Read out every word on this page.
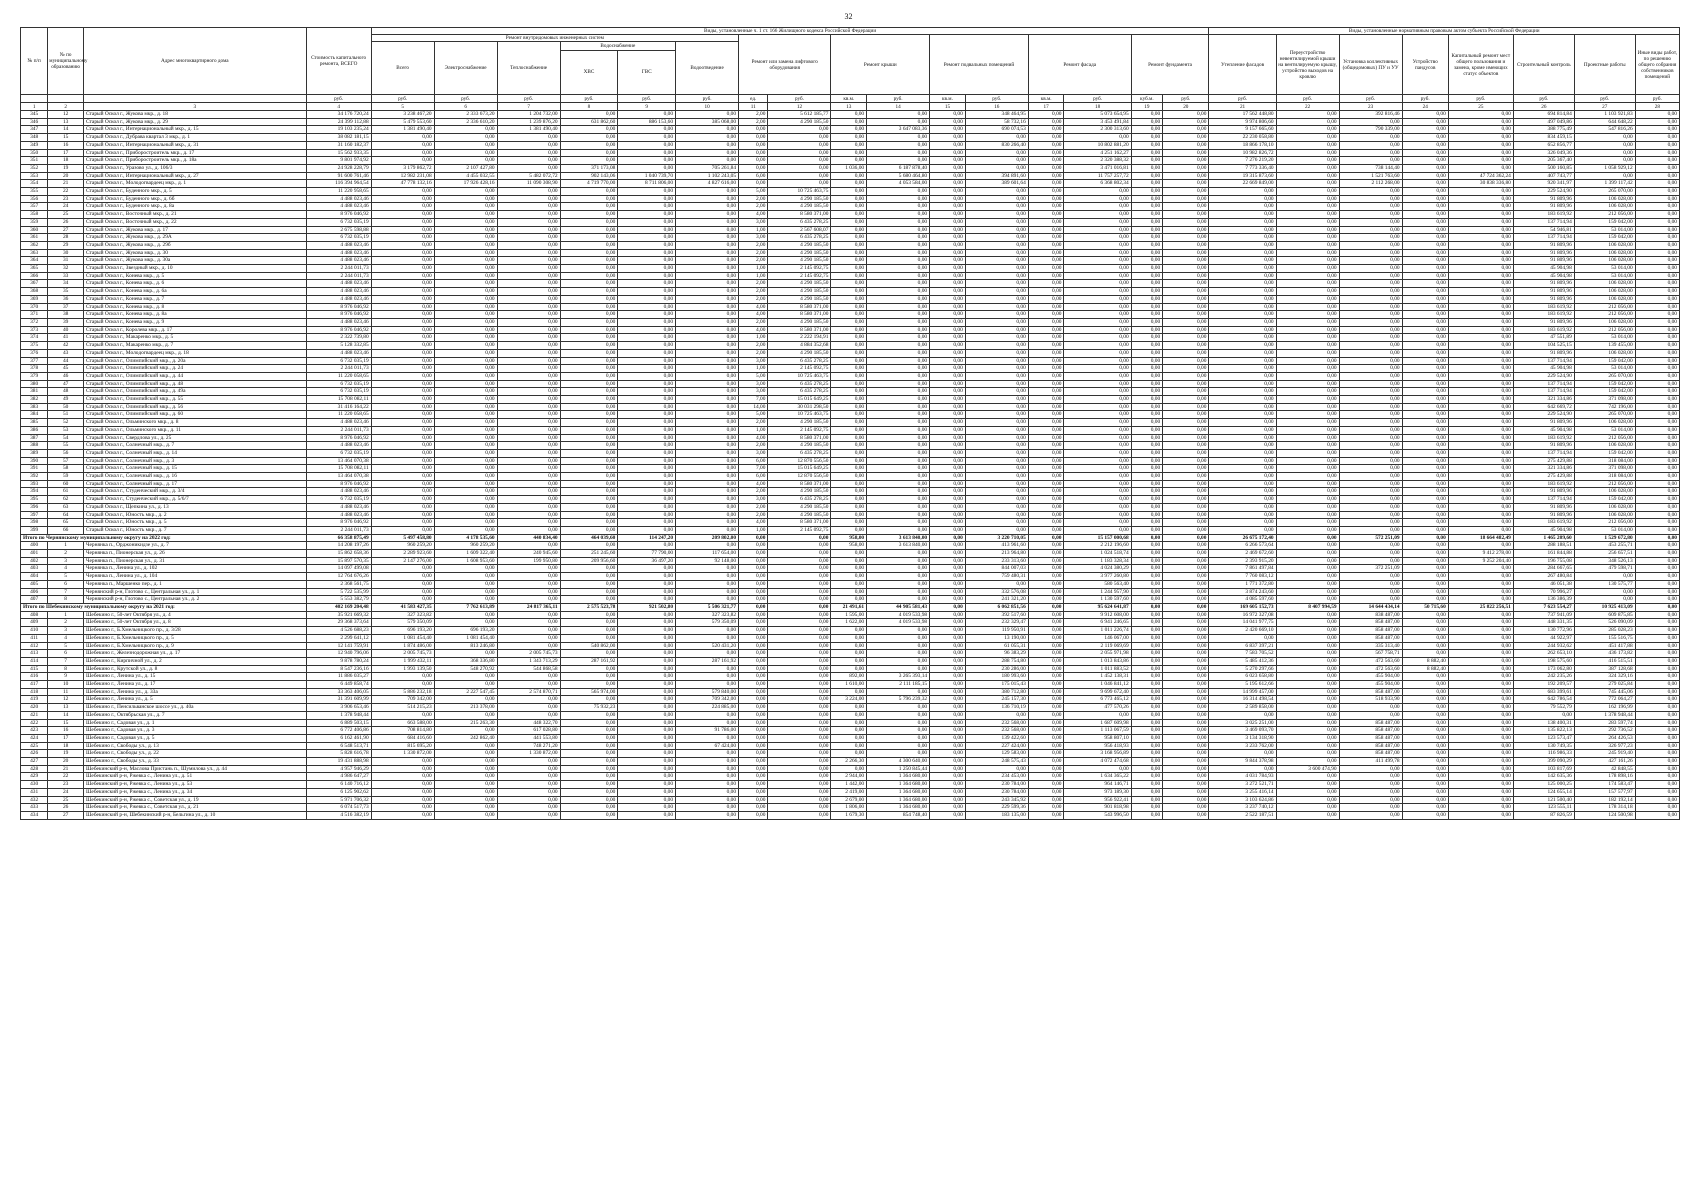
32
№ п/п	№ по муниципальному образованию	Адрес многоквартирного дома	Стоимость капитального ремонта, ВСЕГО	Виды, установленные ч. 1 ст. 166 Жилищного кодекса Российской Федерации																Виды, установленные нормативным правовым актом субъекта Российской Федерации							
				Ремонт внутридомовых инженерных систем						Ремонт или замена лифтового оборудования		Ремонт крыши		Ремонт подвальных помещений		Ремонт фасада		Ремонт фундамента		Утепление фасадов	Переустройство невентилируемой крыши на вентилируемую крышу, устройство выходов на кровлю	Установка коллективных (общедомовых) ПУ и УУ	Устройство пандусов	Капитальный ремонт мест общего пользования и замена, кроме имеющих статус объектов	Строительный контроль	Проектные работы	Иные виды работ, по решению общего собрания собственников помещений
				Всего	Электроснабжение	Теплоснабжение	Водоснабжение
ХВС ГВС		Водоотведение																		
			руб.	руб.	руб.	руб.	руб.	руб.	руб.	ед.	руб.	кв.м.	руб.	кв.м.	руб.	кв.м.	руб.	куб.м.	руб.	руб.	руб.	руб.	руб.	руб.	руб.	руб.	руб.
1	2	3	4	5	6	7	8	9	10	11	12	13	14	15	16	17	18	19	20	21	22	23	24	25	26	27	28
345	12	Старый Оскол г., Жукова мкр., д. 18	34 176 720,24	3 238 467,20	2 333 673,20	1 204 732,00	0,00	0,00	0,00	2,00	5 612 185,77	0,00	0,00	0,00	348 464,95	0,00	5 073 654,95	0,00	0,00	17 562 448,80	0,00	392 816,46	0,00	0,00	694 814,84	1 103 921,83	0,00
346	13	Старый Оскол г., Жукова мкр., д. 29	24 399 112,88	5 479 553,60	2 336 610,20	1 239 876,20	631 862,60	886 153,60	385 068,00	2,00	4 290 185,50	0,00	0,00	0,00	58 732,16	0,00	3 453 491,84	0,00	0,00	9 974 806,60	0,00	0,00	0,00	0,00	497 049,86	644 648,22	0,00
347	14	Старый Оскол г., Интернациональный мкр., д. 15	19 103 235,24	1 381 490,40	0,00	1 381 490,40	0,00	0,00	0,00	0,00	0,00	0,00	3 647 083,36	0,00	690 074,53	0,00	2 300 313,60	0,00	0,00	9 157 665,60	0,00	790 339,00	0,00	0,00	388 775,49	547 816,26	0,00
348	15	Старый Оскол г., Дубрава квартал 3 мкр., д. 1	38 082 181,15	0,00	0,00	0,00	0,00	0,00	0,00	0,00	0,00	0,00	0,00	0,00	0,00	0,00	0,00	0,00	0,00	22 230 058,80	0,00	0,00	0,00	0,00	834 459,15	0,00	0,00
349	16	Старый Оскол г., Интернациональный мкр., д. 31	31 160 182,37	0,00	0,00	0,00	0,00	0,00	0,00	0,00	0,00	0,00	0,00	0,00	830 266,40	0,00	10 802 881,20	0,00	0,00	18 866 178,10	0,00	0,00	0,00	0,00	652 856,77	0,00	0,00
350	17	Старый Оскол г., Приборостроитель мкр., д. 17	15 562 933,35	0,00	0,00	0,00	0,00	0,00	0,00	0,00	0,00	0,00	0,00	0,00	0,00	0,00	4 251 162,27	0,00	0,00	10 982 826,72	0,00	0,00	0,00	0,00	326 049,36	0,00	0,00
351	18	Старый Оскол г., Приборостроитель мкр., д. 18а	9 801 974,92	0,00	0,00	0,00	0,00	0,00	0,00	0,00	0,00	0,00	0,00	0,00	0,00	0,00	2 320 388,32	0,00	0,00	7 276 219,20	0,00	0,00	0,00	0,00	205 367,40	0,00	0,00
352	19	Старый Оскол г., Уразово ул., д. 106/3	24 928 228,79	3 179 862,72	2 107 427,80	0,00	371 173,08	0,00	705 261,84	0,00	0,00	1 036,00	6 187 878,40	0,00	0,00	0,00	3 471 016,81	0,00	0,00	7 773 336,40	0,00	738 144,40	0,00	0,00	500 160,85	1 058 929,12	0,00
353	20	Старый Оскол г., Интернациональный мкр., д. 27	91 600 761,46	12 982 231,08	4 455 032,55	5 482 072,72	902 143,06	1 040 739,70	1 102 243,05	6,00	0,00	0,00	5 680 464,80	0,00	394 891,60	0,00	11 757 257,72	0,00	0,00	19 315 873,60	0,00	1 521 763,60	0,00	47 724 362,24	407 743,77	0,00	0,00
354	21	Старый Оскол г., Молодогвардеец мкр., д. 1	116 394 964,54	47 778 132,16	17 926 428,16	11 090 308,90	4 719 770,00	8 711 806,00	4 827 616,00	0,00	0,00	0,00	4 053 584,00	0,00	389 601,64	0,00	6 368 802,34	0,00	0,00	22 669 849,00	0,00	2 112 268,00	0,00	30 838 336,80	920 341,97	1 399 117,42	0,00
355	22	Старый Оскол г., Буденного мкр., д. 5	11 220 958,65	0,00	0,00	0,00	0,00	0,00	0,00	5,00	10 725 463,75	0,00	0,00	0,00	0,00	0,00	0,00	0,00	0,00	0,00	0,00	0,00	0,00	0,00	229 524,90	265 070,00	0,00
356	23	Старый Оскол г., Буденного мкр., д. 6б	4 488 023,46	0,00	0,00	0,00	0,00	0,00	0,00	2,00	4 290 185,50	0,00	0,00	0,00	0,00	0,00	0,00	0,00	0,00	0,00	0,00	0,00	0,00	0,00	91 809,96	106 028,00	0,00
357	24	Старый Оскол г., Буденного мкр., д. 8а	4 488 023,46	0,00	0,00	0,00	0,00	0,00	0,00	2,00	4 290 185,50	0,00	0,00	0,00	0,00	0,00	0,00	0,00	0,00	0,00	0,00	0,00	0,00	0,00	91 809,96	106 028,00	0,00
358	25	Старый Оскол г., Восточный мкр., д. 21	8 976 046,92	0,00	0,00	0,00	0,00	0,00	0,00	4,00	8 580 371,00	0,00	0,00	0,00	0,00	0,00	0,00	0,00	0,00	0,00	0,00	0,00	0,00	0,00	183 619,92	212 056,00	0,00
359	26	Старый Оскол г., Восточный мкр., д. 22	6 732 035,19	0,00	0,00	0,00	0,00	0,00	0,00	3,00	6 435 278,25	0,00	0,00	0,00	0,00	0,00	0,00	0,00	0,00	0,00	0,00	0,00	0,00	0,00	137 714,94	159 042,00	0,00
360	27	Старый Оскол г., Жукова мкр., д. 17	2 675 598,88	0,00	0,00	0,00	0,00	0,00	0,00	1,00	2 567 608,07	0,00	0,00	0,00	0,00	0,00	0,00	0,00	0,00	0,00	0,00	0,00	0,00	0,00	54 946,81	53 014,00	0,00
361	28	Старый Оскол г., Жукова мкр., д. 29А	6 732 035,19	0,00	0,00	0,00	0,00	0,00	0,00	3,00	6 435 278,25	0,00	0,00	0,00	0,00	0,00	0,00	0,00	0,00	0,00	0,00	0,00	0,00	0,00	137 714,94	159 042,00	0,00
362	29	Старый Оскол г., Жукова мкр., д. 29б	4 488 023,46	0,00	0,00	0,00	0,00	0,00	0,00	2,00	4 290 185,50	0,00	0,00	0,00	0,00	0,00	0,00	0,00	0,00	0,00	0,00	0,00	0,00	0,00	91 809,96	106 028,00	0,00
363	30	Старый Оскол г., Жукова мкр., д. 30	4 488 023,46	0,00	0,00	0,00	0,00	0,00	0,00	2,00	4 290 185,50	0,00	0,00	0,00	0,00	0,00	0,00	0,00	0,00	0,00	0,00	0,00	0,00	0,00	91 809,96	106 028,00	0,00
364	31	Старый Оскол г., Жукова мкр., д. 30а	4 488 023,46	0,00	0,00	0,00	0,00	0,00	0,00	2,00	4 290 185,50	0,00	0,00	0,00	0,00	0,00	0,00	0,00	0,00	0,00	0,00	0,00	0,00	0,00	91 809,96	106 028,00	0,00
365	32	Старый Оскол г., Звездный мкр., д. 10	2 244 011,73	0,00	0,00	0,00	0,00	0,00	0,00	1,00	2 145 092,75	0,00	0,00	0,00	0,00	0,00	0,00	0,00	0,00	0,00	0,00	0,00	0,00	0,00	45 904,98	53 014,00	0,00
366	33	Старый Оскол г., Конева мкр., д. 5	2 244 011,73	0,00	0,00	0,00	0,00	0,00	0,00	1,00	2 145 092,75	0,00	0,00	0,00	0,00	0,00	0,00	0,00	0,00	0,00	0,00	0,00	0,00	0,00	45 904,98	53 014,00	0,00
367	34	Старый Оскол г., Конева мкр., д. 6	4 488 023,46	0,00	0,00	0,00	0,00	0,00	0,00	2,00	4 290 185,50	0,00	0,00	0,00	0,00	0,00	0,00	0,00	0,00	0,00	0,00	0,00	0,00	0,00	91 809,96	106 028,00	0,00
368	35	Старый Оскол г., Конева мкр., д. 6а	4 488 023,46	0,00	0,00	0,00	0,00	0,00	0,00	2,00	4 290 185,50	0,00	0,00	0,00	0,00	0,00	0,00	0,00	0,00	0,00	0,00	0,00	0,00	0,00	91 809,96	106 028,00	0,00
369	36	Старый Оскол г., Конева мкр., д. 7	4 488 023,46	0,00	0,00	0,00	0,00	0,00	0,00	2,00	4 290 185,50	0,00	0,00	0,00	0,00	0,00	0,00	0,00	0,00	0,00	0,00	0,00	0,00	0,00	91 809,96	106 028,00	0,00
370	37	Старый Оскол г., Конева мкр., д. 8	8 976 046,92	0,00	0,00	0,00	0,00	0,00	0,00	4,00	8 580 371,00	0,00	0,00	0,00	0,00	0,00	0,00	0,00	0,00	0,00	0,00	0,00	0,00	0,00	183 619,92	212 056,00	0,00
371	38	Старый Оскол г., Конева мкр., д. 8а	8 976 046,92	0,00	0,00	0,00	0,00	0,00	0,00	4,00	8 580 371,00	0,00	0,00	0,00	0,00	0,00	0,00	0,00	0,00	0,00	0,00	0,00	0,00	0,00	183 619,92	212 056,00	0,00
372	39	Старый Оскол г., Конева мкр., д. 9	4 488 023,46	0,00	0,00	0,00	0,00	0,00	0,00	2,00	4 290 185,50	0,00	0,00	0,00	0,00	0,00	0,00	0,00	0,00	0,00	0,00	0,00	0,00	0,00	91 809,96	106 028,00	0,00
373	40	Старый Оскол г., Королева мкр., д. 17	8 976 046,92	0,00	0,00	0,00	0,00	0,00	0,00	4,00	8 580 371,00	0,00	0,00	0,00	0,00	0,00	0,00	0,00	0,00	0,00	0,00	0,00	0,00	0,00	183 619,92	212 056,00	0,00
374	41	Старый Оскол г., Макаренко мкр., д. 5	2 322 739,80	0,00	0,00	0,00	0,00	0,00	0,00	1,00	2 222 194,91	0,00	0,00	0,00	0,00	0,00	0,00	0,00	0,00	0,00	0,00	0,00	0,00	0,00	47 551,89	53 014,00	0,00
375	42	Старый Оскол г., Макаренко мкр., д. 7	5 128 332,85	0,00	0,00	0,00	0,00	0,00	0,00	2,00	4 884 352,68	0,00	0,00	0,00	0,00	0,00	0,00	0,00	0,00	0,00	0,00	0,00	0,00	0,00	104 525,15	139 455,00	0,00
376	43	Старый Оскол г., Молодогвардеец мкр., д. 18	4 488 023,46	0,00	0,00	0,00	0,00	0,00	0,00	2,00	4 290 185,50	0,00	0,00	0,00	0,00	0,00	0,00	0,00	0,00	0,00	0,00	0,00	0,00	0,00	91 809,96	106 028,00	0,00
377	44	Старый Оскол г., Олимпийский мкр., д. 20а	6 732 035,19	0,00	0,00	0,00	0,00	0,00	0,00	3,00	6 435 278,25	0,00	0,00	0,00	0,00	0,00	0,00	0,00	0,00	0,00	0,00	0,00	0,00	0,00	137 714,94	159 042,00	0,00
378	45	Старый Оскол г., Олимпийский мкр., д. 24	2 244 011,73	0,00	0,00	0,00	0,00	0,00	0,00	1,00	2 145 092,75	0,00	0,00	0,00	0,00	0,00	0,00	0,00	0,00	0,00	0,00	0,00	0,00	0,00	45 904,98	53 014,00	0,00
379	46	Старый Оскол г., Олимпийский мкр., д. 44	11 220 058,65	0,00	0,00	0,00	0,00	0,00	0,00	5,00	10 725 463,75	0,00	0,00	0,00	0,00	0,00	0,00	0,00	0,00	0,00	0,00	0,00	0,00	0,00	229 524,90	265 070,00	0,00
380	47	Старый Оскол г., Олимпийский мкр., д. 48	6 732 035,19	0,00	0,00	0,00	0,00	0,00	0,00	3,00	6 435 278,25	0,00	0,00	0,00	0,00	0,00	0,00	0,00	0,00	0,00	0,00	0,00	0,00	0,00	137 714,94	159 042,00	0,00
381	48	Старый Оскол г., Олимпийский мкр., д. 49а	6 732 035,19	0,00	0,00	0,00	0,00	0,00	0,00	3,00	6 435 278,25	0,00	0,00	0,00	0,00	0,00	0,00	0,00	0,00	0,00	0,00	0,00	0,00	0,00	137 714,94	159 042,00	0,00
382	49	Старый Оскол г., Олимпийский мкр., д. 55	15 708 082,11	0,00	0,00	0,00	0,00	0,00	0,00	7,00	15 015 649,25	0,00	0,00	0,00	0,00	0,00	0,00	0,00	0,00	0,00	0,00	0,00	0,00	0,00	321 334,86	371 098,00	0,00
383	50	Старый Оскол г., Олимпийский мкр., д. 56	31 416 164,22	0,00	0,00	0,00	0,00	0,00	0,00	14,00	30 031 298,50	0,00	0,00	0,00	0,00	0,00	0,00	0,00	0,00	0,00	0,00	0,00	0,00	0,00	642 669,72	742 196,00	0,00
384	51	Старый Оскол г., Олимпийский мкр., д. 60	11 220 058,65	0,00	0,00	0,00	0,00	0,00	0,00	5,00	10 725 463,75	0,00	0,00	0,00	0,00	0,00	0,00	0,00	0,00	0,00	0,00	0,00	0,00	0,00	229 524,90	265 070,00	0,00
385	52	Старый Оскол г., Ольминского мкр., д. 8	4 488 023,46	0,00	0,00	0,00	0,00	0,00	0,00	2,00	4 290 185,50	0,00	0,00	0,00	0,00	0,00	0,00	0,00	0,00	0,00	0,00	0,00	0,00	0,00	91 809,96	106 028,00	0,00
386	53	Старый Оскол г., Ольминского мкр., д. 11	2 244 011,73	0,00	0,00	0,00	0,00	0,00	0,00	1,00	2 145 092,75	0,00	0,00	0,00	0,00	0,00	0,00	0,00	0,00	0,00	0,00	0,00	0,00	0,00	45 904,98	53 014,00	0,00
387	54	Старый Оскол г., Свердлова ул., д. 25	8 976 046,92	0,00	0,00	0,00	0,00	0,00	0,00	4,00	8 580 371,00	0,00	0,00	0,00	0,00	0,00	0,00	0,00	0,00	0,00	0,00	0,00	0,00	0,00	183 619,92	212 056,00	0,00
388	55	Старый Оскол г., Солнечный мкр., д. 7	4 488 023,46	0,00	0,00	0,00	0,00	0,00	0,00	2,00	4 290 185,50	0,00	0,00	0,00	0,00	0,00	0,00	0,00	0,00	0,00	0,00	0,00	0,00	0,00	91 809,96	106 028,00	0,00
389	56	Старый Оскол г., Солнечный мкр., д. 14	6 732 035,19	0,00	0,00	0,00	0,00	0,00	0,00	3,00	6 435 278,25	0,00	0,00	0,00	0,00	0,00	0,00	0,00	0,00	0,00	0,00	0,00	0,00	0,00	137 714,94	159 042,00	0,00
390	57	Старый Оскол г., Солнечный мкр., д. 3	13 464 070,38	0,00	0,00	0,00	0,00	0,00	0,00	6,00	12 870 556,50	0,00	0,00	0,00	0,00	0,00	0,00	0,00	0,00	0,00	0,00	0,00	0,00	0,00	275 429,88	318 084,00	0,00
391	58	Старый Оскол г., Солнечный мкр., д. 15	15 708 082,11	0,00	0,00	0,00	0,00	0,00	0,00	7,00	15 015 649,25	0,00	0,00	0,00	0,00	0,00	0,00	0,00	0,00	0,00	0,00	0,00	0,00	0,00	321 334,86	371 098,00	0,00
392	59	Старый Оскол г., Солнечный мкр., д. 16	13 464 070,38	0,00	0,00	0,00	0,00	0,00	0,00	6,00	12 870 556,50	0,00	0,00	0,00	0,00	0,00	0,00	0,00	0,00	0,00	0,00	0,00	0,00	0,00	275 429,88	318 084,00	0,00
393	60	Старый Оскол г., Солнечный мкр., д. 17	8 976 046,92	0,00	0,00	0,00	0,00	0,00	0,00	4,00	8 580 371,00	0,00	0,00	0,00	0,00	0,00	0,00	0,00	0,00	0,00	0,00	0,00	0,00	0,00	183 619,92	212 056,00	0,00
394	61	Старый Оскол г., Студенческий мкр., д. 3/4	4 488 023,46	0,00	0,00	0,00	0,00	0,00	0,00	2,00	4 290 185,50	0,00	0,00	0,00	0,00	0,00	0,00	0,00	0,00	0,00	0,00	0,00	0,00	0,00	91 809,96	106 028,00	0,00
395	62	Старый Оскол г., Студенческий мкр., д. 5/6/7	6 732 035,19	0,00	0,00	0,00	0,00	0,00	0,00	3,00	6 435 278,25	0,00	0,00	0,00	0,00	0,00	0,00	0,00	0,00	0,00	0,00	0,00	0,00	0,00	137 714,94	159 042,00	0,00
396	63	Старый Оскол г., Щепкина ул., д. 13	4 488 023,46	0,00	0,00	0,00	0,00	0,00	0,00	2,00	4 290 185,50	0,00	0,00	0,00	0,00	0,00	0,00	0,00	0,00	0,00	0,00	0,00	0,00	0,00	91 809,96	106 028,00	0,00
397	64	Старый Оскол г., Юность мкр., д. 2	4 488 023,46	0,00	0,00	0,00	0,00	0,00	0,00	2,00	4 290 185,50	0,00	0,00	0,00	0,00	0,00	0,00	0,00	0,00	0,00	0,00	0,00	0,00	0,00	91 809,96	106 028,00	0,00
398	65	Старый Оскол г., Юность мкр., д. 5	8 976 046,92	0,00	0,00	0,00	0,00	0,00	0,00	4,00	8 580 371,00	0,00	0,00	0,00	0,00	0,00	0,00	0,00	0,00	0,00	0,00	0,00	0,00	0,00	183 619,92	212 056,00	0,00
399	66	Старый Оскол г., Юность мкр., д. 7	2 244 011,73	0,00	0,00	0,00	0,00	0,00	0,00	1,00	2 145 092,75	0,00	0,00	0,00	0,00	0,00	0,00	0,00	0,00	0,00	0,00	0,00	0,00	0,00	45 904,98	53 014,00	0,00
Итого по Чернянскому муниципальному округу на 2022 год:			66 358 875,49	5 497 458,80	4 178 535,60	440 834,40	464 039,60	114 247,20	209 802,00	0,00	0,00	958,00	3 613 840,00	0,00	3 220 710,05	0,00	15 157 000,68	0,00	0,00	26 675 172,40	0,00	572 251,09	0,00	18 664 482,49	1 465 209,60	1 529 672,80	0,00
400	1	Чернянка п., Орджоникидзе ул., д. 7	14 208 197,26	960 259,20	960 259,20	0,00	0,00	0,00	0,00	0,00	0,00	958,00	3 613 840,00	0,00	413 961,60	0,00	2 212 196,60	0,00	0,00	6 266 573,64	0,00	0,00	0,00	0,00	288 188,51	453 255,71	0,00
401	2	Чернянка п., Пионерская ул., д. 26	15 862 658,36	2 289 923,60	1 609 322,40	240 945,60	251 245,60	77 790,00	117 654,00	0,00	0,00	0,00	0,00	0,00	213 964,80	0,00	1 024 518,74	0,00	0,00	2 469 672,60	0,00	0,00	0,00	9 412 278,00	161 844,88	256 657,51	0,00
402	3	Чернянка п., Пионерская ул., д. 31	15 897 570,35	2 147 276,00	1 608 953,60	199 950,80	209 956,60	36 497,20	92 148,00	0,00	0,00	0,00	0,00	0,00	233 313,60	0,00	1 183 328,34	0,00	0,00	2 393 915,20	0,00	0,00	0,00	9 252 204,40	196 755,08	348 526,13	0,00
403	4	Чернянка п., Ленина ул., д. 102	14 097 499,08	0,00	0,00	0,00	0,00	0,00	0,00	0,00	0,00	0,00	0,00	0,00	844 007,03	0,00	4 024 380,29	0,00	0,00	7 861 497,84	0,00	372 251,09	0,00	0,00	284 667,65	479 598,71	0,00
404	5	Чернянка п., Ленина ул., д. 104	12 764 676,26	0,00	0,00	0,00	0,00	0,00	0,00	0,00	0,00	0,00	0,00	0,00	759 480,31	0,00	3 977 260,80	0,00	0,00	7 760 083,12	0,00	0,00	0,00	0,00	267 480,84	0,00	0,00
405	6	Чернянка п., Маршенко пер., д. 1	2 368 561,75	0,00	0,00	0,00	0,00	0,00	0,00	0,00	0,00	0,00	0,00	0,00	0,00	0,00	580 563,40	0,00	0,00	1 771 372,80	0,00	0,00	0,00	0,00	46 051,38	130 575,77	0,00
406	7	Чернянский р-н, Глотово с., Центральная ул., д. 1	5 722 535,99	0,00	0,00	0,00	0,00	0,00	0,00	0,00	0,00	0,00	0,00	0,00	332 576,08	0,00	1 244 957,90	0,00	0,00	3 874 243,60	0,00	0,00	0,00	0,00	70 996,27	0,00	0,00
407	8	Чернянский р-н, Глотово с., Центральная ул., д. 2	5 553 382,79	0,00	0,00	0,00	0,00	0,00	0,00	0,00	0,00	0,00	0,00	0,00	241 321,20	0,00	1 130 597,60	0,00	0,00	4 085 597,60	0,00	0,00	0,00	0,00	136 386,39	0,00	0,00
Итого по Шебекинскому муниципальному округу на 2021 год:			402 169 204,48	41 583 427,35	7 762 613,89	24 817 365,11	2 575 523,78	921 502,80	5 506 321,77	0,00	0,00	21 491,61	44 905 581,43	0,00	6 062 851,56	0,00	95 624 641,87	0,00	0,00	169 605 152,73	8 407 994,59	14 644 434,14	50 715,60	25 822 256,51	7 623 554,27	10 925 413,09	0,00
408	1	Шебекино г., 50-лет Октября ул., д. 4	35 921 669,32	327 323,82	0,00	0,00	0,00	0,00	327 323,82	0,00	0,00	1 595,00	4 019 533,98	0,00	392 517,60	0,00	9 912 608,00	0,00	0,00	16 972 327,08	0,00	838 487,00	0,00	0,00	737 941,09	609 875,85	0,00
409	2	Шебекино г., 50-лет Октября ул., д. 8	29 368 373,64	579 350,09	0,00	0,00	0,00	0,00	579 350,09	0,00	0,00	1 622,00	4 019 533,98	0,00	232 329,47	0,00	6 941 246,65	0,00	0,00	14 041 977,75	0,00	858 487,00	0,00	0,00	448 331,35	526 090,09	0,00
410	3	Шебекино г., Б.Хмельницкого пр., д. 3/28	4 526 688,23	696 193,20	696 193,20	0,00	0,00	0,00	0,00	0,00	0,00	0,00	0,00	0,00	119 950,91	0,00	1 011 226,74	0,00	0,00	2 420 669,10	0,00	858 487,00	0,00	0,00	130 772,96	285 028,23	0,00
411	4	Шебекино г., Б.Хмельницкого пр., д. 5	2 299 641,12	1 081 454,40	1 081 454,40	0,00	0,00	0,00	0,00	0,00	0,00	0,00	0,00	0,00	13 190,00	0,00	146 067,00	0,00	0,00	0,00	0,00	858 487,00	0,00	0,00	44 922,97	155 516,75	0,00
412	5	Шебекино г., Б.Хмельницкого пр., д. 9	12 141 759,91	1 874 486,00	813 246,80	0,00	540 862,00	0,00	520 431,20	0,00	0,00	0,00	0,00	0,00	61 055,31	0,00	2 119 069,69	0,00	0,00	6 837 397,21	0,00	335 313,40	0,00	0,00	244 932,62	451 417,88	0,00
413	6	Шебекино г., Железнодорожная ул., д. 17	12 940 796,06	2 005 745,73	0,00	2 005 745,73	0,00	0,00	0,00	0,00	0,00	0,00	0,00	0,00	96 383,29	0,00	2 055 971,98	0,00	0,00	7 583 705,52	0,00	567 758,71	0,00	0,00	262 653,10	436 173,82	0,00
414	7	Шебекино г., Кирпичной ул., д. 2	9 878 780,24	1 999 432,11	368 336,80	1 343 713,29	287 161,92	0,00	287 161,92	0,00	0,00	0,00	0,00	0,00	288 754,80	0,00	1 013 843,86	0,00	0,00	5 485 412,36	0,00	472 563,60	8 882,40	0,00	198 575,60	416 515,51	0,00
415	8	Шебекино г., Крутской ул., д. 8	8 547 236,16	1 993 139,50	548 270,92	544 868,58	0,00	0,00	0,00	0,00	0,00	0,00	0,00	0,00	230 286,00	0,00	1 011 883,52	0,00	0,00	5 270 297,66	0,00	472 563,60	8 882,40	0,00	173 062,80	387 128,68	0,00
416	9	Шебекино г., Ленина ул., д. 15	11 886 035,27	0,00	0,00	0,00	0,00	0,00	0,00	0,00	0,00	892,00	3 265 393,14	0,00	180 993,60	0,00	1 452 138,31	0,00	0,00	6 023 658,80	0,00	455 904,00	0,00	0,00	242 235,26	324 329,16	0,00
417	10	Шебекино г., Ленина ул., д. 17	6 449 858,74	0,00	0,00	0,00	0,00	0,00	0,00	0,00	0,00	1 610,00	2 111 185,15	0,00	175 015,43	0,00	1 046 841,12	0,00	0,00	5 195 612,66	0,00	455 904,00	0,00	0,00	192 209,57	279 025,84	0,00
418	11	Шебекино г., Ленина ул., д. 33а	33 363 406,05	5 886 232,18	2 227 547,45	2 574 870,71	565 974,00	0,00	579 840,00	0,00	0,00	0,00	0,00	0,00	380 712,80	0,00	9 699 672,40	0,00	0,00	14 999 457,00	0,00	858 487,00	0,00	0,00	683 399,61	745 445,06	0,00
419	12	Шебекино г., Ленина ул., д. 5	31 391 609,99	709 342,00	0,00	0,00	0,00	0,00	709 342,00	0,00	0,00	3 224,00	5 796 239,32	0,00	245 157,30	0,00	6 773 465,12	0,00	0,00	16 314 498,54	0,00	518 933,90	0,00	0,00	642 786,54	772 064,27	0,00
420	13	Шебекино г., Пенсильванское шоссе ул., д. 40а	3 906 653,46	514 215,23	213 378,00	0,00	75 932,23	0,00	224 885,00	0,00	0,00	0,00	0,00	0,00	136 710,19	0,00	477 570,26	0,00	0,00	2 589 858,00	0,00	0,00	0,00	0,00	79 552,79	162 196,99	0,00
421	14	Шебекино г., Октябрьская ул., д. 7	1 378 948,44	0,00	0,00	0,00	0,00	0,00	0,00	0,00	0,00	0,00	0,00	0,00	0,00	0,00	0,00	0,00	0,00	0,00	0,00	0,00	0,00	0,00	0,00	1 378 948,44	0,00
422	15	Шебекино г., Садовая ул., д. 1	6 889 503,15	663 588,00	215 263,30	448 322,70	0,00	0,00	0,00	0,00	0,00	0,00	0,00	0,00	232 568,00	0,00	1 687 609,98	0,00	0,00	3 025 251,00	0,00	858 487,00	0,00	0,00	138 400,31	283 597,74	0,00
423	16	Шебекино г., Садовая ул., д. 3	6 772 406,86	708 814,80	0,00	617 028,80	0,00	0,00	91 786,00	0,00	0,00	0,00	0,00	0,00	232 568,00	0,00	1 113 067,59	0,00	0,00	3 469 093,70	0,00	858 487,00	0,00	0,00	135 822,13	292 736,52	0,00
424	17	Шебекино г., Садовая ул., д. 5	6 162 461,90	684 416,60	242 862,40	441 553,80	0,00	0,00	0,00	0,00	0,00	0,00	0,00	0,00	139 422,60	0,00	958 807,10	0,00	0,00	3 134 318,90	0,00	858 487,00	0,00	0,00	123 573,47	264 426,53	0,00
425	18	Шебекино г., Свободы ул., д. 13	6 548 513,71	815 695,20	0,00	748 271,20	0,00	0,00	67 424,00	0,00	0,00	0,00	0,00	0,00	227 424,00	0,00	956 418,93	0,00	0,00	3 233 762,00	0,00	858 487,00	0,00	0,00	130 749,35	326 977,23	0,00
426	19	Шебекино г., Свободы ул., д. 22	5 828 616,78	1 330 872,00	0,00	1 330 872,00	0,00	0,00	0,00	0,00	0,00	0,00	0,00	0,00	129 583,00	0,00	3 168 956,89	0,00	0,00	0,00	0,00	858 487,00	0,00	0,00	116 986,33	245 919,40	0,00
427	20	Шебекино г., Свободы ул., д. 33	19 431 888,98	0,00	0,00	0,00	0,00	0,00	0,00	0,00	0,00	2 266,30	4 300 640,00	0,00	248 575,43	0,00	4 072 474,68	0,00	0,00	9 844 378,98	0,00	411 499,78	0,00	0,00	399 090,29	427 161,26	0,00
428	21	Шебекинский р-н, Маслова Пристань п., Шумилова ул., д. 44	4 957 946,29	0,00	0,00	0,00	0,00	0,00	0,00	0,00	0,00	0,00	1 250 845,44	0,00	0,00	0,00	0,00	0,00	0,00	0,00	3 600 474,90	0,00	0,00	0,00	103 817,69	42 848,55	0,00
429	22	Шебекинский р-н, Ржевка с., Ленина ул., д. 51	4 986 647,27	0,00	0,00	0,00	0,00	0,00	0,00	0,00	0,00	2 944,00	1 364 680,00	0,00	234 453,00	0,00	1 634 365,22	0,00	0,00	4 031 784,93	0,00	0,00	0,00	0,00	142 635,36	178 898,16	0,00
430	23	Шебекинский р-н, Ржевка с., Ленина ул., д. 53	6 140 716,12	0,00	0,00	0,00	0,00	0,00	0,00	0,00	0,00	1 442,00	1 364 680,00	0,00	230 784,00	0,00	964 146,71	0,00	0,00	3 272 521,71	0,00	0,00	0,00	0,00	125 000,25	174 583,47	0,00
431	24	Шебекинский р-н, Ржевка с., Ленина ул., д. 34	6 125 902,62	0,00	0,00	0,00	0,00	0,00	0,00	0,00	0,00	2 419,00	1 364 680,00	0,00	230 784,00	0,00	973 189,30	0,00	0,00	3 255 416,14	0,00	0,00	0,00	0,00	124 655,14	157 577,97	0,00
432	25	Шебекинский р-н, Ржевка с., Советская ул., д. 19	5 971 706,32	0,00	0,00	0,00	0,00	0,00	0,00	0,00	0,00	2 679,00	1 364 680,00	0,00	243 345,92	0,00	956 922,41	0,00	0,00	3 103 624,86	0,00	0,00	0,00	0,00	121 500,40	182 192,14	0,00
433	26	Шебекинский р-н, Ржевка с., Советская ул., д. 21	6 074 517,73	0,00	0,00	0,00	0,00	0,00	0,00	0,00	0,00	1 806,00	1 364 680,00	0,00	229 599,36	0,00	901 818,98	0,00	0,00	3 237 740,12	0,00	0,00	0,00	0,00	123 555,11	178 314,18	0,00
434	27	Шебекинский р-н, Шебекинский р-н, Бельгина ул., д. 10	4 516 382,19	0,00	0,00	0,00	0,00	0,00	0,00	0,00	0,00	1 679,30	854 748,40	0,00	183 135,00	0,00	543 996,50	0,00	0,00	2 522 187,51	0,00	0,00	0,00	0,00	87 826,59	124 500,98	0,00
